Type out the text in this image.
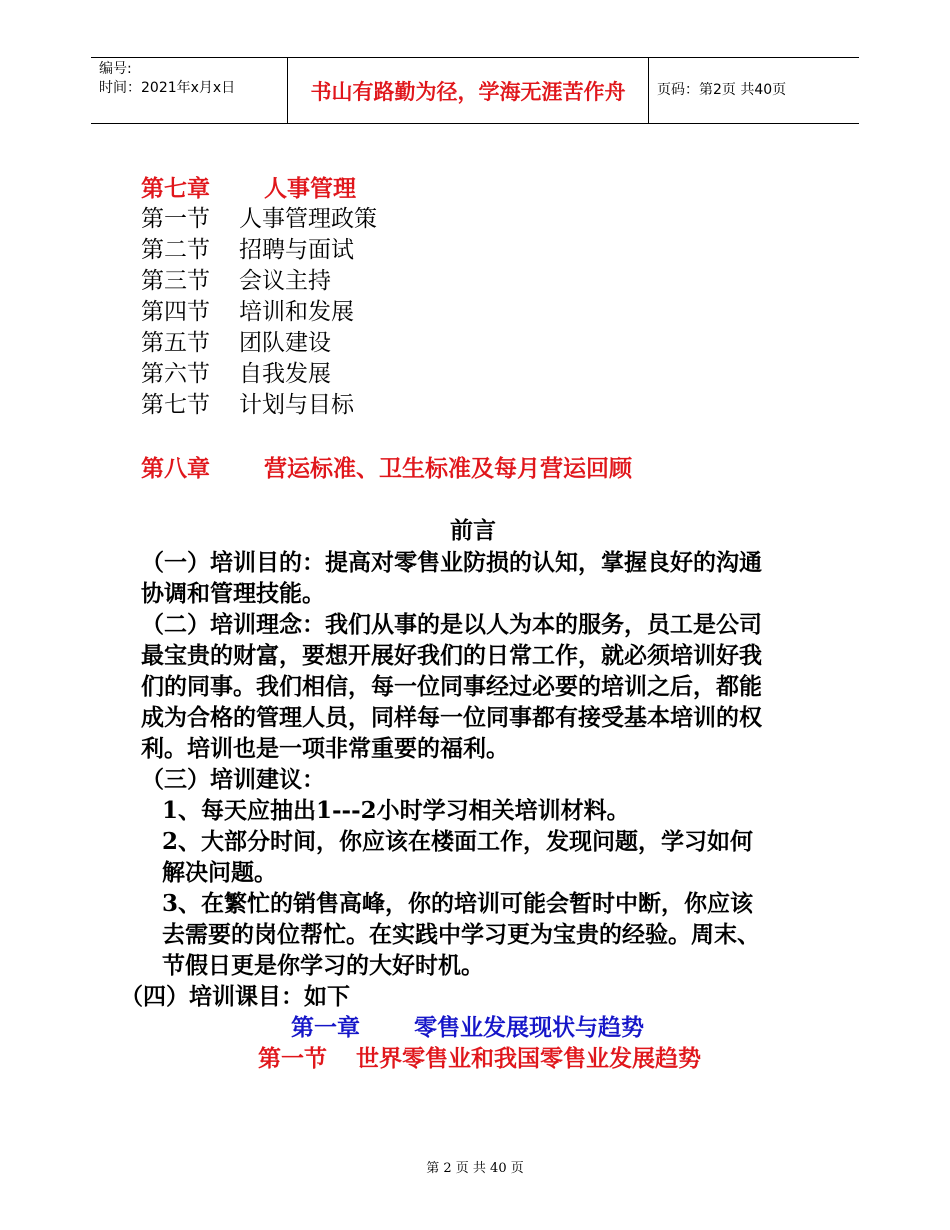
编号:
时间：2021年x月x日	书山有路勤为径，学海无涯苦作舟	页码：第2页 共40页
第七章 人事管理
第一节 人事管理政策
第二节 招聘与面试
第三节 会议主持
第四节 培训和发展
第五节 团队建设
第六节 自我发展
第七节 计划与目标
第八章 营运标准、卫生标准及每月营运回顾
前言
（一）培训目的：提高对零售业防损的认知，掌握良好的沟通
协调和管理技能。
（二）培训理念：我们从事的是以人为本的服务，员工是公司
最宝贵的财富，要想开展好我们的日常工作，就必须培训好我
们的同事。我们相信，每一位同事经过必要的培训之后，都能
成为合格的管理人员，同样每一位同事都有接受基本培训的权
利。培训也是一项非常重要的福利。
（三）培训建议：
1、每天应抽出1---2小时学习相关培训材料。
2、大部分时间，你应该在楼面工作，发现问题，学习如何
解决问题。
3、在繁忙的销售高峰，你的培训可能会暂时中断，你应该
去需要的岗位帮忙。在实践中学习更为宝贵的经验。周末、
节假日更是你学习的大好时机。
（四）培训课目：如下
第一章 零售业发展现状与趋势
第一节 世界零售业和我国零售业发展趋势
第 2 页 共 40 页
